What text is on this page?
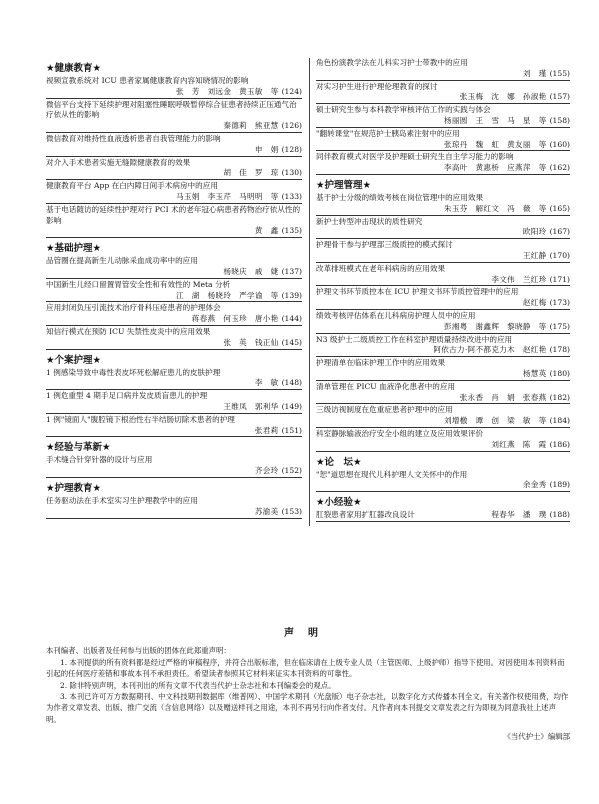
★健康教育★
视频宣教系统对 ICU 患者家属健康教育内容知晓情况的影响
张　芳　刘远金　黄玉敏　等 (124)
微信平台支持下延续护理对阻塞性睡眠呼吸暂停综合征患者持续正压通气治疗依从性的影响
秦德莉　熊亚慧 (126)
微信教育对维持性血液透析患者自我管理能力的影响
申　娟 (128)
对介入手术患者实施无缝隙健康教育的效果
胡　佳　罗　琼 (130)
健康教育平台 App 在白内障日间手术病房中的应用
马玉娟　李玉芹　马明明　等 (133)
基于电话随访的延续性护理对行 PCI 术的老年冠心病患者药物治疗依从性的影响
黄　鑫 (135)
★基础护理★
品管圈在提高新生儿动脉采血成功率中的应用
杨晓庆　戚　婕 (137)
中国新生儿经口留置胃管安全性和有效性的 Meta 分析
江　湖　杨晓玲　严学谕　等 (139)
应用封闭负压引流技术治疗骨科压疮患者的护理体会
蒋春燕　何玉珍　唐小艳 (144)
知信行模式在预防 ICU 失禁性皮炎中的应用效果
张　英　钱正仙 (145)
★个案护理★
1 例感染导致中毒性表皮坏死松解症患儿的皮肤护理
李　敏 (148)
1 例危重型 4 期手足口病并发皮质盲患儿的护理
王维凤　郭利华 (149)
1 例"镜面人"腹腔镜下根治性右半结肠切除术患者的护理
张君莉 (151)
★经验与革新★
手术缝合针穿针器的设计与应用
齐会玲 (152)
★护理教育★
任务驱动法在手术室实习生护理教学中的应用
苏渝美 (153)
角色扮演教学法在儿科实习护士带教中的应用
刘　瑾 (155)
对实习护生进行护理伦理教育的探讨
张玉梅　沈　娜　孙淑艳 (157)
硕士研究生参与本科教学审核评估工作的实践与体会
杨丽圆　王　雪　马　星　等 (158)
"翻转课堂"在规范护士胰岛素注射中的应用
张琼丹　魏　虹　黄友丽　等 (160)
同伴教育模式对医学及护理硕士研究生自主学习能力的影响
李高叶　黄惠桥　应燕萍　等 (162)
★护理管理★
基于护士分级的绩效考核在岗位管理中的应用效果
朱玉芬　解红文　冯　薇　等 (165)
新护士转型冲击现状的质性研究
欧阳玲 (167)
护理骨干参与护理部三级质控的模式探讨
王红静 (170)
改革排班模式在老年科病房的应用效果
李文伟　兰红珍 (171)
护理文书环节质控本在 ICU 护理文书环节质控管理中的应用
赵红梅 (173)
绩效考核评估体系在儿科病房护理人员中的应用
彭湘粤　谢鑫辉　黎晓静　等 (175)
N3 级护士二级质控工作在科室护理质量持续改进中的应用
阿依古力·阿不都克力木　赵红艳 (178)
护理清单在临床护理工作中的应用效果
杨慧英 (180)
清单管理在 PICU 血液净化患者中的应用
张永香　肖　娟　张春燕 (182)
三级访视制度在危重症患者护理中的应用
刘增檄　谭　创　梁　敏　等 (184)
科室静脉输液治疗安全小组的建立及应用效果评价
刘红燕　陈　霞 (186)
★论　坛★
"恕"道思想在现代儿科护理人文关怀中的作用
余金秀 (189)
★小经验★
肛裂患者家用扩肛器改良设计	程春华　潘　璞 (188)
声明

本刊编者、出版者及任何参与出版的团体在此郑重声明：

1. 本刊提供的所有资料都是经过严格的审稿程序，并符合出版标准，但在临床请在上级专业人员（主管医师、上级护师）指导下使用。对因使用本刊资料而引起的任何医疗差错和事故本刊不承担责任。希望读者参照其它材料来证实本刊资料的可靠性。

2. 除非特别声明，本刊刊出的所有文章不代表当代护士杂志社和本刊编委会的观点。

3. 本刊已许可万方数据期刊、中文科技期刊数据库（维普网）、中国学术期刊（光盘版）电子杂志社，以数字化方式传播本刊全文。有关著作权使用费，均作为作者文章发表、出版、推广交流（含信息网络）以及赠送样刊之用途，本刊不再另行向作者支付。凡作者向本刊提交文章发表之行为即视为同意我社上述声明。

《当代护士》编辑部
